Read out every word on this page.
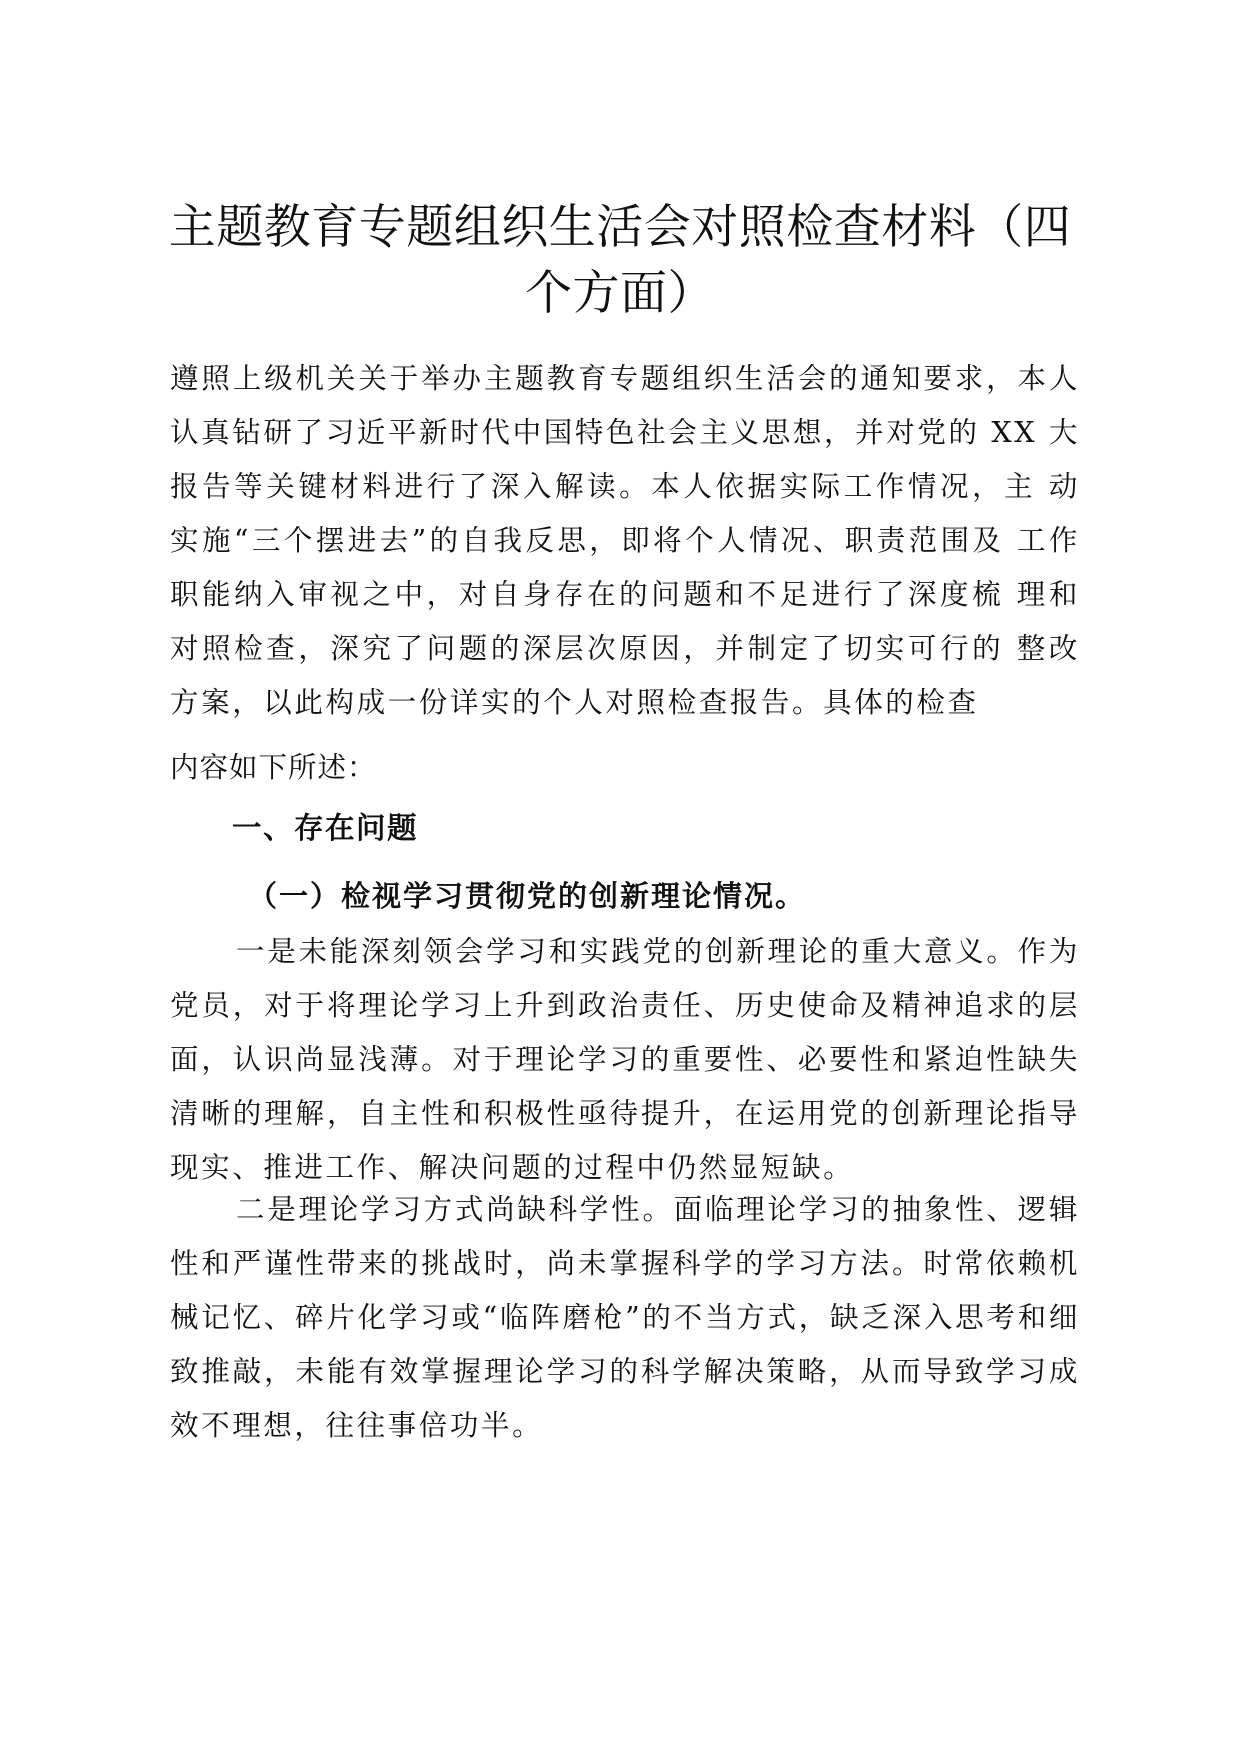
主题教育专题组织生活会对照检查材料（四个方面）

遵照上级机关关于举办主题教育专题组织生活会的通知要求，本人认真钻研了习近平新时代中国特色社会主义思想，并对党的 XX 大报告等关键材料进行了深入解读。本人依据实际工作情况，主 动实施“三个摆进去”的自我反思，即将个人情况、职责范围及 工作职能纳入审视之中，对自身存在的问题和不足进行了深度梳 理和对照检查，深究了问题的深层次原因，并制定了切实可行的 整改方案，以此构成一份详实的个人对照检查报告。具体的检查

内容如下所述：

一、存在问题
（一）检视学习贯彻党的创新理论情况。

一是未能深刻领会学习和实践党的创新理论的重大意义。作为党员，对于将理论学习上升到政治责任、历史使命及精神追求的层面，认识尚显浅薄。对于理论学习的重要性、必要性和紧迫性缺失清晰的理解，自主性和积极性亟待提升，在运用党的创新理论指导现实、推进工作、解决问题的过程中仍然显短缺。

二是理论学习方式尚缺科学性。面临理论学习的抽象性、逻辑性和严谨性带来的挑战时，尚未掌握科学的学习方法。时常依赖机械记忆、碎片化学习或“临阵磨枪”的不当方式，缺乏深入思考和细致推敲，未能有效掌握理论学习的科学解决策略，从而导致学习成效不理想，往往事倍功半。
